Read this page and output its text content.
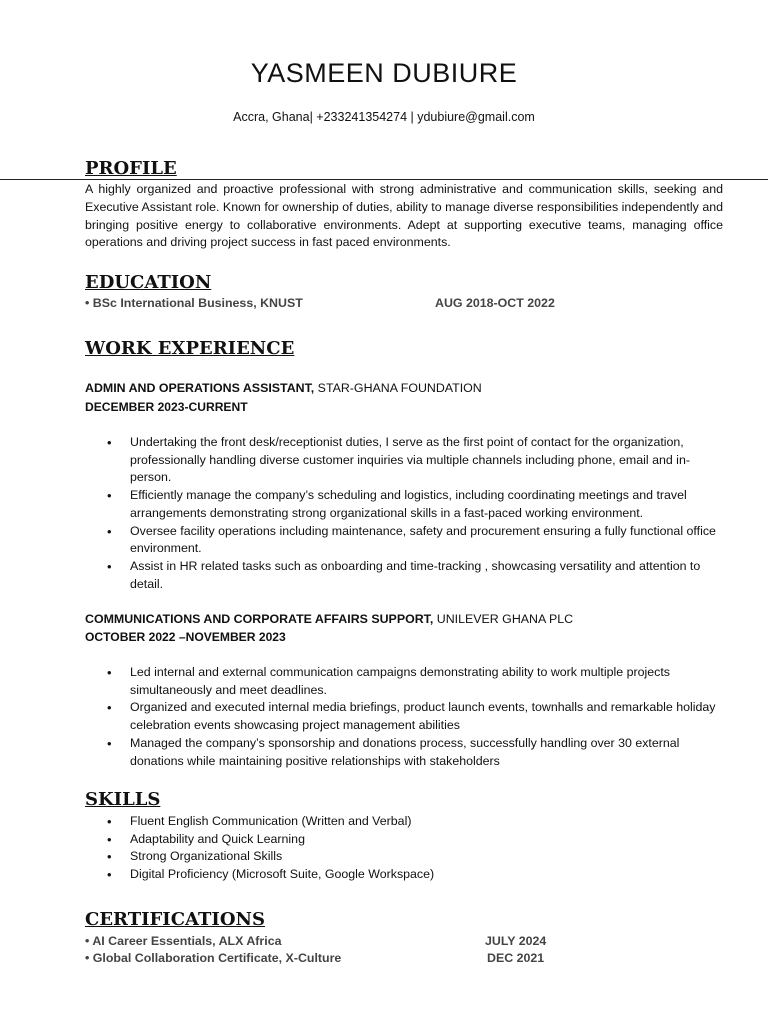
YASMEEN DUBIURE
Accra, Ghana| +233241354274 | ydubiure@gmail.com
PROFILE
A highly organized and proactive professional with strong administrative and communication skills, seeking and Executive Assistant role. Known for ownership of duties, ability to manage diverse responsibilities independently and bringing positive energy to collaborative environments. Adept at supporting executive teams, managing office operations and driving project success in fast paced environments.
EDUCATION
• BSc International Business, KNUST	AUG 2018-OCT 2022
WORK EXPERIENCE
ADMIN AND OPERATIONS ASSISTANT, STAR-GHANA FOUNDATION
DECEMBER 2023-CURRENT
• Undertaking the front desk/receptionist duties, I serve as the first point of contact for the organization, professionally handling diverse customer inquiries via multiple channels including phone, email and in-person.
• Efficiently manage the company’s scheduling and logistics, including coordinating meetings and travel arrangements demonstrating strong organizational skills in a fast-paced working environment.
• Oversee facility operations including maintenance, safety and procurement ensuring a fully functional office environment.
• Assist in HR related tasks such as onboarding and time-tracking , showcasing versatility and attention to detail.
COMMUNICATIONS AND CORPORATE AFFAIRS SUPPORT, UNILEVER GHANA PLC
OCTOBER 2022 –NOVEMBER 2023
• Led internal and external communication campaigns demonstrating ability to work multiple projects simultaneously and meet deadlines.
• Organized and executed internal media briefings, product launch events, townhalls and remarkable holiday celebration events showcasing project management abilities
• Managed the company’s sponsorship and donations process, successfully handling over 30 external donations while maintaining positive relationships with stakeholders
SKILLS
• Fluent English Communication (Written and Verbal)
• Adaptability and Quick Learning
• Strong Organizational Skills
• Digital Proficiency (Microsoft Suite, Google Workspace)
CERTIFICATIONS
• AI Career Essentials, ALX Africa	JULY 2024
• Global Collaboration Certificate, X-Culture	DEC 2021
